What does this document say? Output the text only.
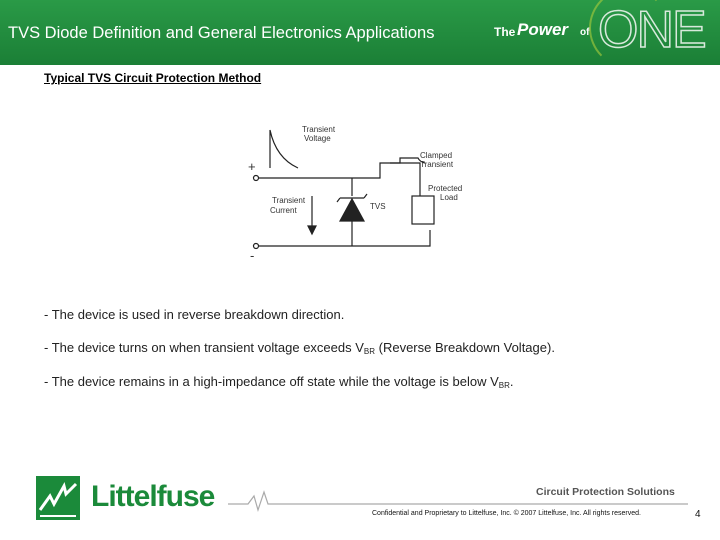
TVS Diode Definition and General Electronics Applications	The Power of ONE
Typical TVS Circuit Protection Method
Transient
Voltage
Clamped
Transient
Protected
Load
Transient
Current	TVS
+
-
- The device is used in reverse breakdown direction.
- The device turns on when transient voltage exceeds $V_{BR}$ (Reverse Breakdown Voltage).
- The device remains in a high-impedance off state while the voltage is below $V_{BR}$.
Littelfuse	Circuit Protection Solutions
Confidential and Proprietary to Littelfuse, Inc. © 2007 Littelfuse, Inc. All rights reserved.	4
